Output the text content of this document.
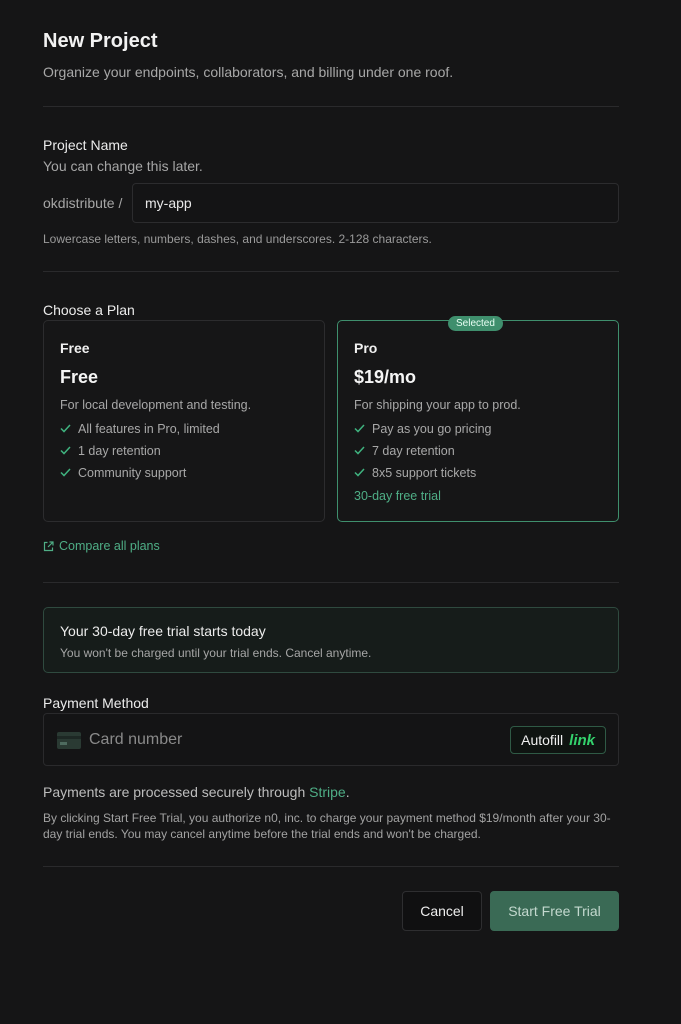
New Project
Organize your endpoints, collaborators, and billing under one roof.
Project Name
You can change this later.
okdistribute /
my-app
Lowercase letters, numbers, dashes, and underscores. 2-128 characters.
Choose a Plan
Free
Free
For local development and testing.
All features in Pro, limited
1 day retention
Community support
Selected
Pro
$19/mo
For shipping your app to prod.
Pay as you go pricing
7 day retention
8x5 support tickets
30-day free trial
Compare all plans
Your 30-day free trial starts today
You won't be charged until your trial ends. Cancel anytime.
Payment Method
Card number	Autofill link
Payments are processed securely through Stripe.
By clicking Start Free Trial, you authorize n0, inc. to charge your payment method $19/month after your 30-day trial ends. You may cancel anytime before the trial ends and won't be charged.
Cancel	Start Free Trial
